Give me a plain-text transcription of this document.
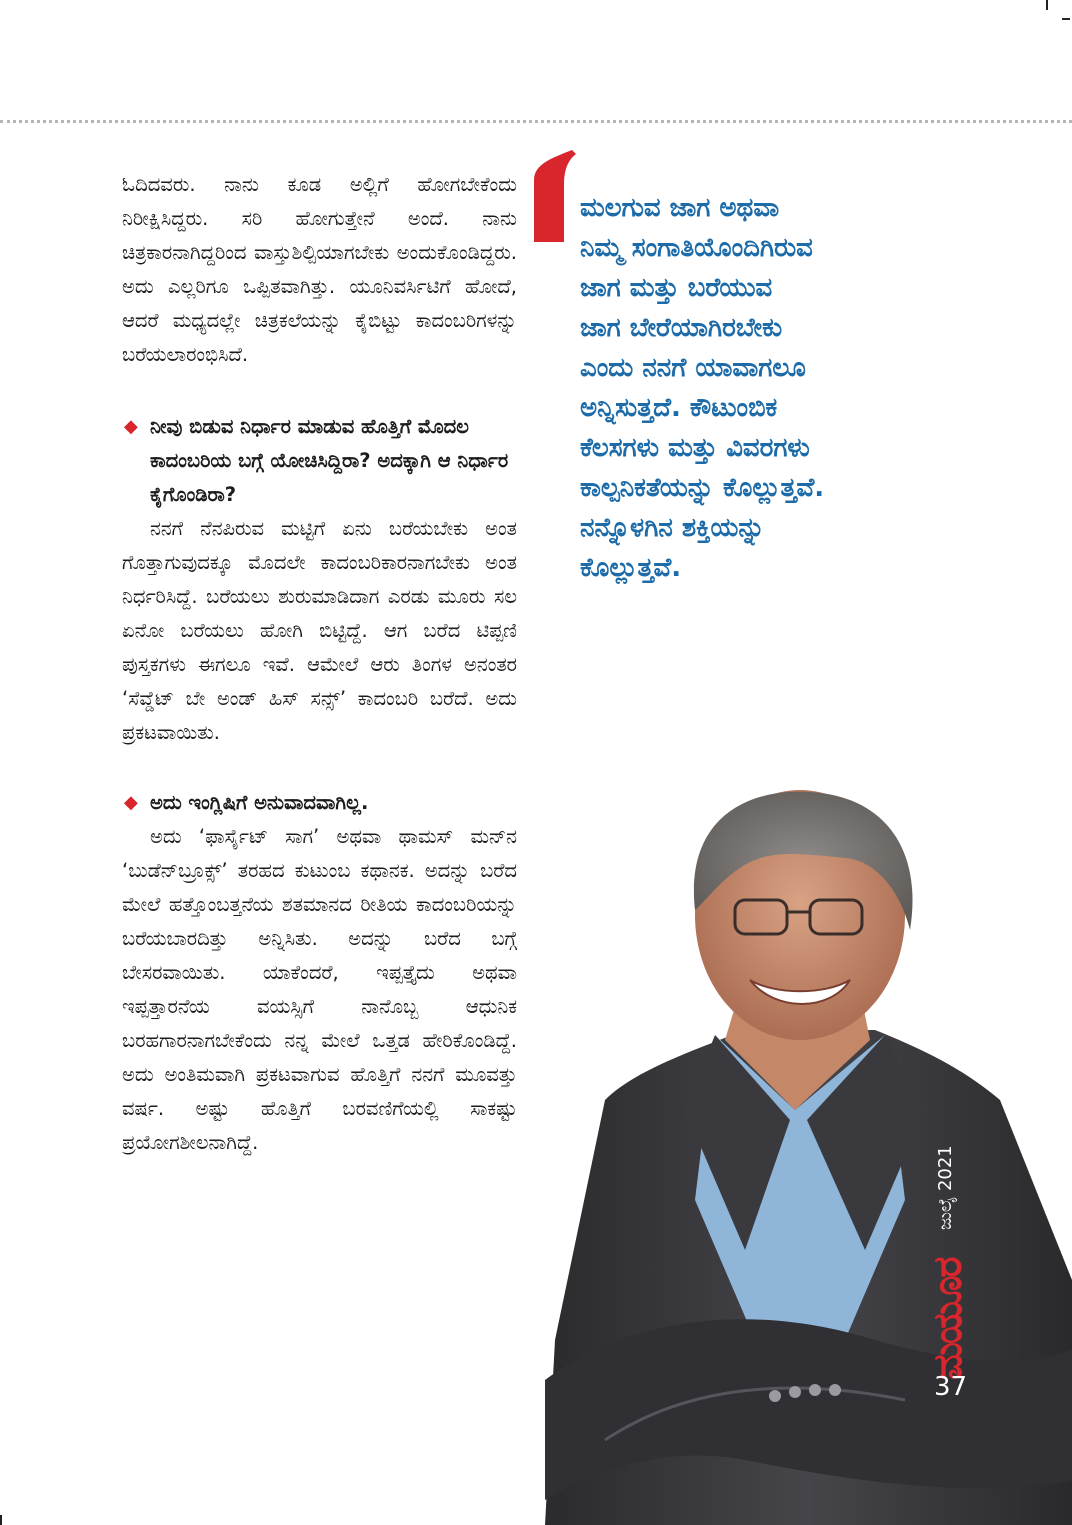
ಓದಿದವರು. ನಾನು ಕೂಡ ಅಲ್ಲಿಗೆ ಹೋಗಬೇಕೆಂದು ನಿರೀಕ್ಷಿಸಿದ್ದರು. ಸರಿ ಹೋಗುತ್ತೇನೆ ಅಂದೆ. ನಾನು ಚಿತ್ರಕಾರನಾಗಿದ್ದರಿಂದ ವಾಸ್ತುಶಿಲ್ಪಿಯಾಗಬೇಕು ಅಂದುಕೊಂಡಿದ್ದರು. ಅದು ಎಲ್ಲರಿಗೂ ಒಪ್ಪಿತವಾಗಿತ್ತು. ಯೂನಿವರ್ಸಿಟಿಗೆ ಹೋದೆ, ಆದರೆ ಮಧ್ಯದಲ್ಲೇ ಚಿತ್ರಕಲೆಯನ್ನು ಕೈಬಿಟ್ಟು ಕಾದಂಬರಿಗಳನ್ನು ಬರೆಯಲಾರಂಭಿಸಿದೆ.

◆ ನೀವು ಬಿಡುವ ನಿರ್ಧಾರ ಮಾಡುವ ಹೊತ್ತಿಗೆ ಮೊದಲ ಕಾದಂಬರಿಯ ಬಗ್ಗೆ ಯೋಚಿಸಿದ್ದಿರಾ? ಅದಕ್ಕಾಗಿ ಆ ನಿರ್ಧಾರ ಕೈಗೊಂಡಿರಾ?

ನನಗೆ ನೆನಪಿರುವ ಮಟ್ಟಿಗೆ ಏನು ಬರೆಯಬೇಕು ಅಂತ ಗೊತ್ತಾಗುವುದಕ್ಕೂ ಮೊದಲೇ ಕಾದಂಬರಿಕಾರನಾಗಬೇಕು ಅಂತ ನಿರ್ಧರಿಸಿದ್ದೆ. ಬರೆಯಲು ಶುರುಮಾಡಿದಾಗ ಎರಡು ಮೂರು ಸಲ ಏನೋ ಬರೆಯಲು ಹೋಗಿ ಬಿಟ್ಟಿದ್ದೆ. ಆಗ ಬರೆದ ಟಿಪ್ಪಣಿ ಪುಸ್ತಕಗಳು ಈಗಲೂ ಇವೆ. ಆಮೇಲೆ ಆರು ತಿಂಗಳ ಅನಂತರ ‘ಸೆವ್ಡೆಟ್ ಬೇ ಅಂಡ್ ಹಿಸ್ ಸನ್ಸ್’ ಕಾದಂಬರಿ ಬರೆದೆ. ಅದು ಪ್ರಕಟವಾಯಿತು.

◆ ಅದು ಇಂಗ್ಲಿಷಿಗೆ ಅನುವಾದವಾಗಿಲ್ಲ.

ಅದು ‘ಫಾರ್ಸೈಟ್ ಸಾಗ’ ಅಥವಾ ಥಾಮಸ್ ಮನ್‌ನ ‘ಬುಡೆನ್‌ಬ್ರೂಕ್ಸ್’ ತರಹದ ಕುಟುಂಬ ಕಥಾನಕ. ಅದನ್ನು ಬರೆದ ಮೇಲೆ ಹತ್ತೊಂಬತ್ತನೆಯ ಶತಮಾನದ ರೀತಿಯ ಕಾದಂಬರಿಯನ್ನು ಬರೆಯಬಾರದಿತ್ತು ಅನ್ನಿಸಿತು. ಅದನ್ನು ಬರೆದ ಬಗ್ಗೆ ಬೇಸರವಾಯಿತು. ಯಾಕೆಂದರೆ, ಇಪ್ಪತ್ತೈದು ಅಥವಾ ಇಪ್ಪತ್ತಾರನೆಯ ವಯಸ್ಸಿಗೆ ನಾನೊಬ್ಬ ಆಧುನಿಕ ಬರಹಗಾರನಾಗಬೇಕೆಂದು ನನ್ನ ಮೇಲೆ ಒತ್ತಡ ಹೇರಿಕೊಂಡಿದ್ದೆ. ಅದು ಅಂತಿಮವಾಗಿ ಪ್ರಕಟವಾಗುವ ಹೊತ್ತಿಗೆ ನನಗೆ ಮೂವತ್ತು ವರ್ಷ. ಅಷ್ಟು ಹೊತ್ತಿಗೆ ಬರವಣಿಗೆಯಲ್ಲಿ ಸಾಕಷ್ಟು ಪ್ರಯೋಗಶೀಲನಾಗಿದ್ದೆ.

ಮಲಗುವ ಜಾಗ ಅಥವಾ
ನಿಮ್ಮ ಸಂಗಾತಿಯೊಂದಿಗಿರುವ
ಜಾಗ ಮತ್ತು ಬರೆಯುವ
ಜಾಗ ಬೇರೆಯಾಗಿರಬೇಕು
ಎಂದು ನನಗೆ ಯಾವಾಗಲೂ
ಅನ್ನಿಸುತ್ತದೆ. ಕೌಟುಂಬಿಕ
ಕೆಲಸಗಳು ಮತ್ತು ವಿವರಗಳು
ಕಾಲ್ಪನಿಕತೆಯನ್ನು ಕೊಲ್ಲುತ್ತವೆ.
ನನ್ನೊಳಗಿನ ಶಕ್ತಿಯನ್ನು
ಕೊಲ್ಲುತ್ತವೆ.
ಜುಲೈ 2021
ಮಯೂರ
37
